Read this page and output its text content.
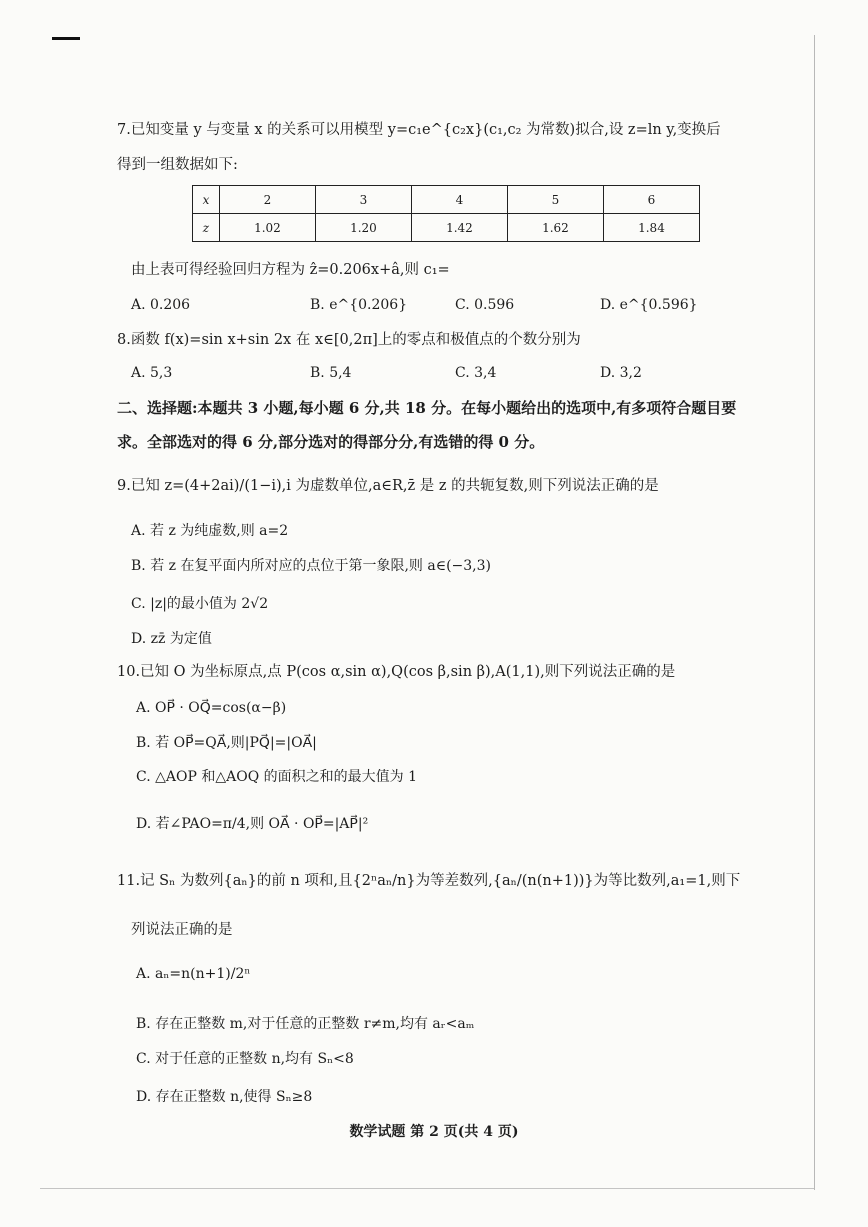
7.已知变量 y 与变量 x 的关系可以用模型 y=c₁e^{c₂x}(c₁,c₂ 为常数)拟合,设 z=ln y,变换后
得到一组数据如下:
x	2	3	4	5	6
z	1.02	1.20	1.42	1.62	1.84
由上表可得经验回归方程为 ẑ=0.206x+â,则 c₁=
A. 0.206	B. e^{0.206}	C. 0.596	D. e^{0.596}
8.函数 f(x)=sin x+sin 2x 在 x∈[0,2π]上的零点和极值点的个数分别为
A. 5,3	B. 5,4	C. 3,4	D. 3,2
二、选择题:本题共 3 小题,每小题 6 分,共 18 分。在每小题给出的选项中,有多项符合题目要
求。全部选对的得 6 分,部分选对的得部分分,有选错的得 0 分。
9.已知 z=(4+2ai)/(1−i),i 为虚数单位,a∈R,z̄ 是 z 的共轭复数,则下列说法正确的是
A. 若 z 为纯虚数,则 a=2
B. 若 z 在复平面内所对应的点位于第一象限,则 a∈(−3,3)
C. |z|的最小值为 2√2
D. zz̄ 为定值
10.已知 O 为坐标原点,点 P(cos α,sin α),Q(cos β,sin β),A(1,1),则下列说法正确的是
A. OP⃗ · OQ⃗=cos(α−β)
B. 若 OP⃗=QA⃗,则|PQ⃗|=|OA⃗|
C. △AOP 和△AOQ 的面积之和的最大值为 1
D. 若∠PAO=π/4,则 OA⃗ · OP⃗=|AP⃗|²
11.记 Sₙ 为数列{aₙ}的前 n 项和,且{2ⁿaₙ/n}为等差数列,{aₙ/(n(n+1))}为等比数列,a₁=1,则下
列说法正确的是
A. aₙ=n(n+1)/2ⁿ
B. 存在正整数 m,对于任意的正整数 r≠m,均有 aᵣ<aₘ
C. 对于任意的正整数 n,均有 Sₙ<8
D. 存在正整数 n,使得 Sₙ≥8
数学试题 第 2 页(共 4 页)
